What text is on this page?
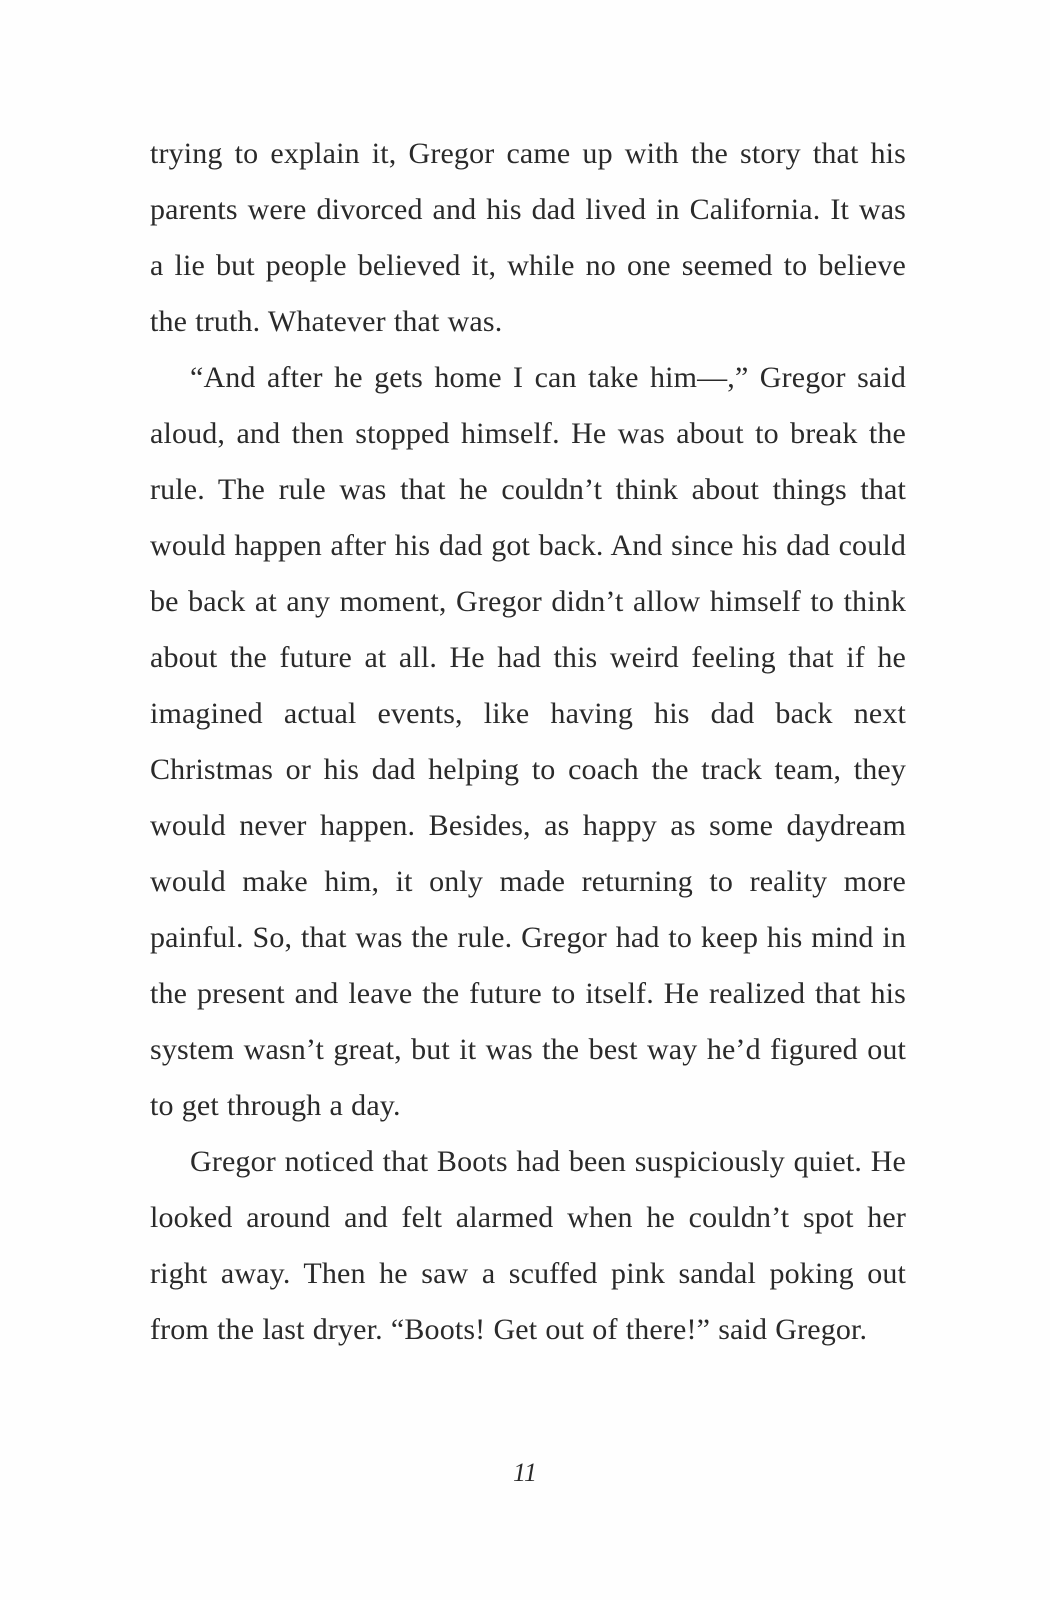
trying to explain it, Gregor came up with the story that his parents were divorced and his dad lived in California. It was a lie but people believed it, while no one seemed to believe the truth. Whatever that was.

“And after he gets home I can take him—,” Gregor said aloud, and then stopped himself. He was about to break the rule. The rule was that he couldn’t think about things that would happen after his dad got back. And since his dad could be back at any moment, Gregor didn’t allow himself to think about the future at all. He had this weird feeling that if he imagined actual events, like having his dad back next Christmas or his dad helping to coach the track team, they would never happen. Besides, as happy as some daydream would make him, it only made returning to reality more painful. So, that was the rule. Gregor had to keep his mind in the present and leave the future to itself. He realized that his system wasn’t great, but it was the best way he’d figured out to get through a day.

Gregor noticed that Boots had been suspiciously quiet. He looked around and felt alarmed when he couldn’t spot her right away. Then he saw a scuffed pink sandal poking out from the last dryer. “Boots! Get out of there!” said Gregor.

11
